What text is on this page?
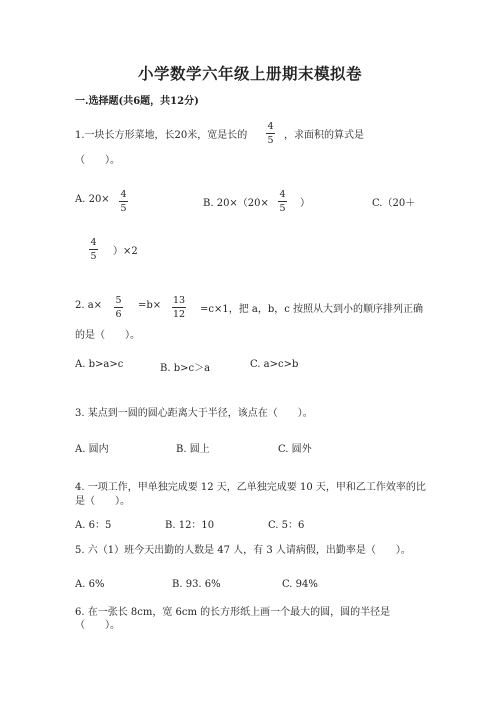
小学数学六年级上册期末模拟卷
一.选择题(共6题，共12分)
1.一块长方形菜地，长20米，宽是长的
4
5 ，求面积的算式是
（　　）。
A. 20× 4
5	B. 20×（20×
4
5 ）	C.（20＋
4
5 ）×2
2. a× 5
6
=b× 13
12 =c×1，把 a，b，c 按照从大到小的顺序排列正确
的是（　　）。
A. b>a>c	B. b>c＞a	C. a>c>b
3. 某点到一圆的圆心距离大于半径，该点在（　　）。
A. 圆内	B. 圆上	C. 圆外
4. 一项工作，甲单独完成要 12 天，乙单独完成要 10 天，甲和乙工作效率的比
是（　　）。
A. 6：5	B. 12：10	C. 5：6
5. 六（1）班今天出勤的人数是 47 人，有 3 人请病假，出勤率是（　　）。
A. 6%	B. 93. 6%	C. 94%
6. 在一张长 8cm，宽 6cm 的长方形纸上画一个最大的圆，圆的半径是
（　　）。
